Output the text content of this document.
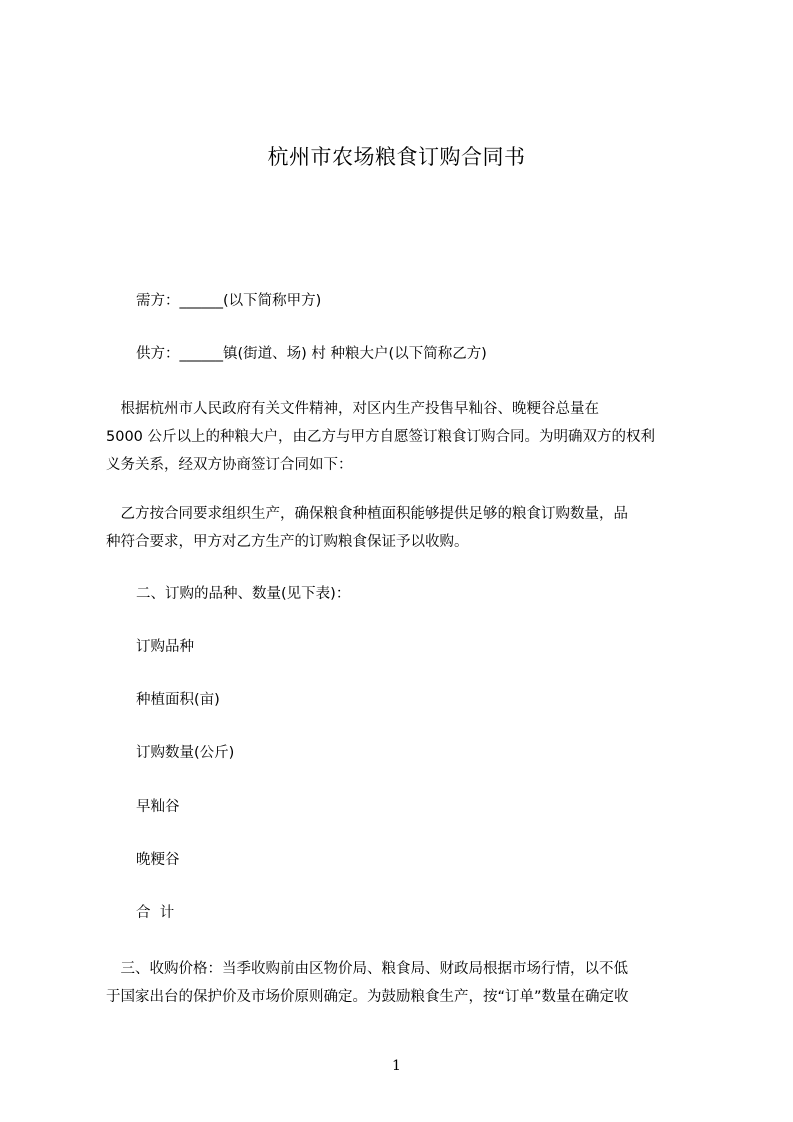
杭州市农场粮食订购合同书
需方：______(以下简称甲方)
供方：______镇(街道、场) 村 种粮大户(以下简称乙方)
　根据杭州市人民政府有关文件精神，对区内生产投售早籼谷、晚粳谷总量在
5000 公斤以上的种粮大户，由乙方与甲方自愿签订粮食订购合同。为明确双方的权利
义务关系，经双方协商签订合同如下：
　乙方按合同要求组织生产，确保粮食种植面积能够提供足够的粮食订购数量，品
种符合要求，甲方对乙方生产的订购粮食保证予以收购。
二、订购的品种、数量(见下表)：
订购品种
种植面积(亩)
订购数量(公斤)
早籼谷
晚粳谷
合  计
　三、收购价格：当季收购前由区物价局、粮食局、财政局根据市场行情，以不低
于国家出台的保护价及市场价原则确定。为鼓励粮食生产，按“订单”数量在确定收
1
